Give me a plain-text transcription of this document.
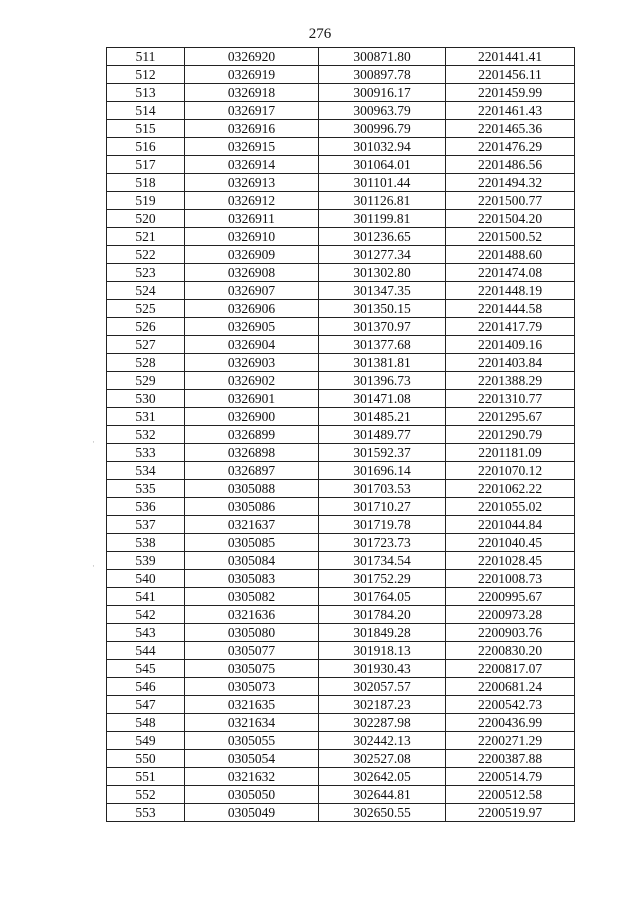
276
511	0326920	300871.80	2201441.41
512	0326919	300897.78	2201456.11
513	0326918	300916.17	2201459.99
514	0326917	300963.79	2201461.43
515	0326916	300996.79	2201465.36
516	0326915	301032.94	2201476.29
517	0326914	301064.01	2201486.56
518	0326913	301101.44	2201494.32
519	0326912	301126.81	2201500.77
520	0326911	301199.81	2201504.20
521	0326910	301236.65	2201500.52
522	0326909	301277.34	2201488.60
523	0326908	301302.80	2201474.08
524	0326907	301347.35	2201448.19
525	0326906	301350.15	2201444.58
526	0326905	301370.97	2201417.79
527	0326904	301377.68	2201409.16
528	0326903	301381.81	2201403.84
529	0326902	301396.73	2201388.29
530	0326901	301471.08	2201310.77
531	0326900	301485.21	2201295.67
532	0326899	301489.77	2201290.79
533	0326898	301592.37	2201181.09
534	0326897	301696.14	2201070.12
535	0305088	301703.53	2201062.22
536	0305086	301710.27	2201055.02
537	0321637	301719.78	2201044.84
538	0305085	301723.73	2201040.45
539	0305084	301734.54	2201028.45
540	0305083	301752.29	2201008.73
541	0305082	301764.05	2200995.67
542	0321636	301784.20	2200973.28
543	0305080	301849.28	2200903.76
544	0305077	301918.13	2200830.20
545	0305075	301930.43	2200817.07
546	0305073	302057.57	2200681.24
547	0321635	302187.23	2200542.73
548	0321634	302287.98	2200436.99
549	0305055	302442.13	2200271.29
550	0305054	302527.08	2200387.88
551	0321632	302642.05	2200514.79
552	0305050	302644.81	2200512.58
553	0305049	302650.55	2200519.97
·
·
